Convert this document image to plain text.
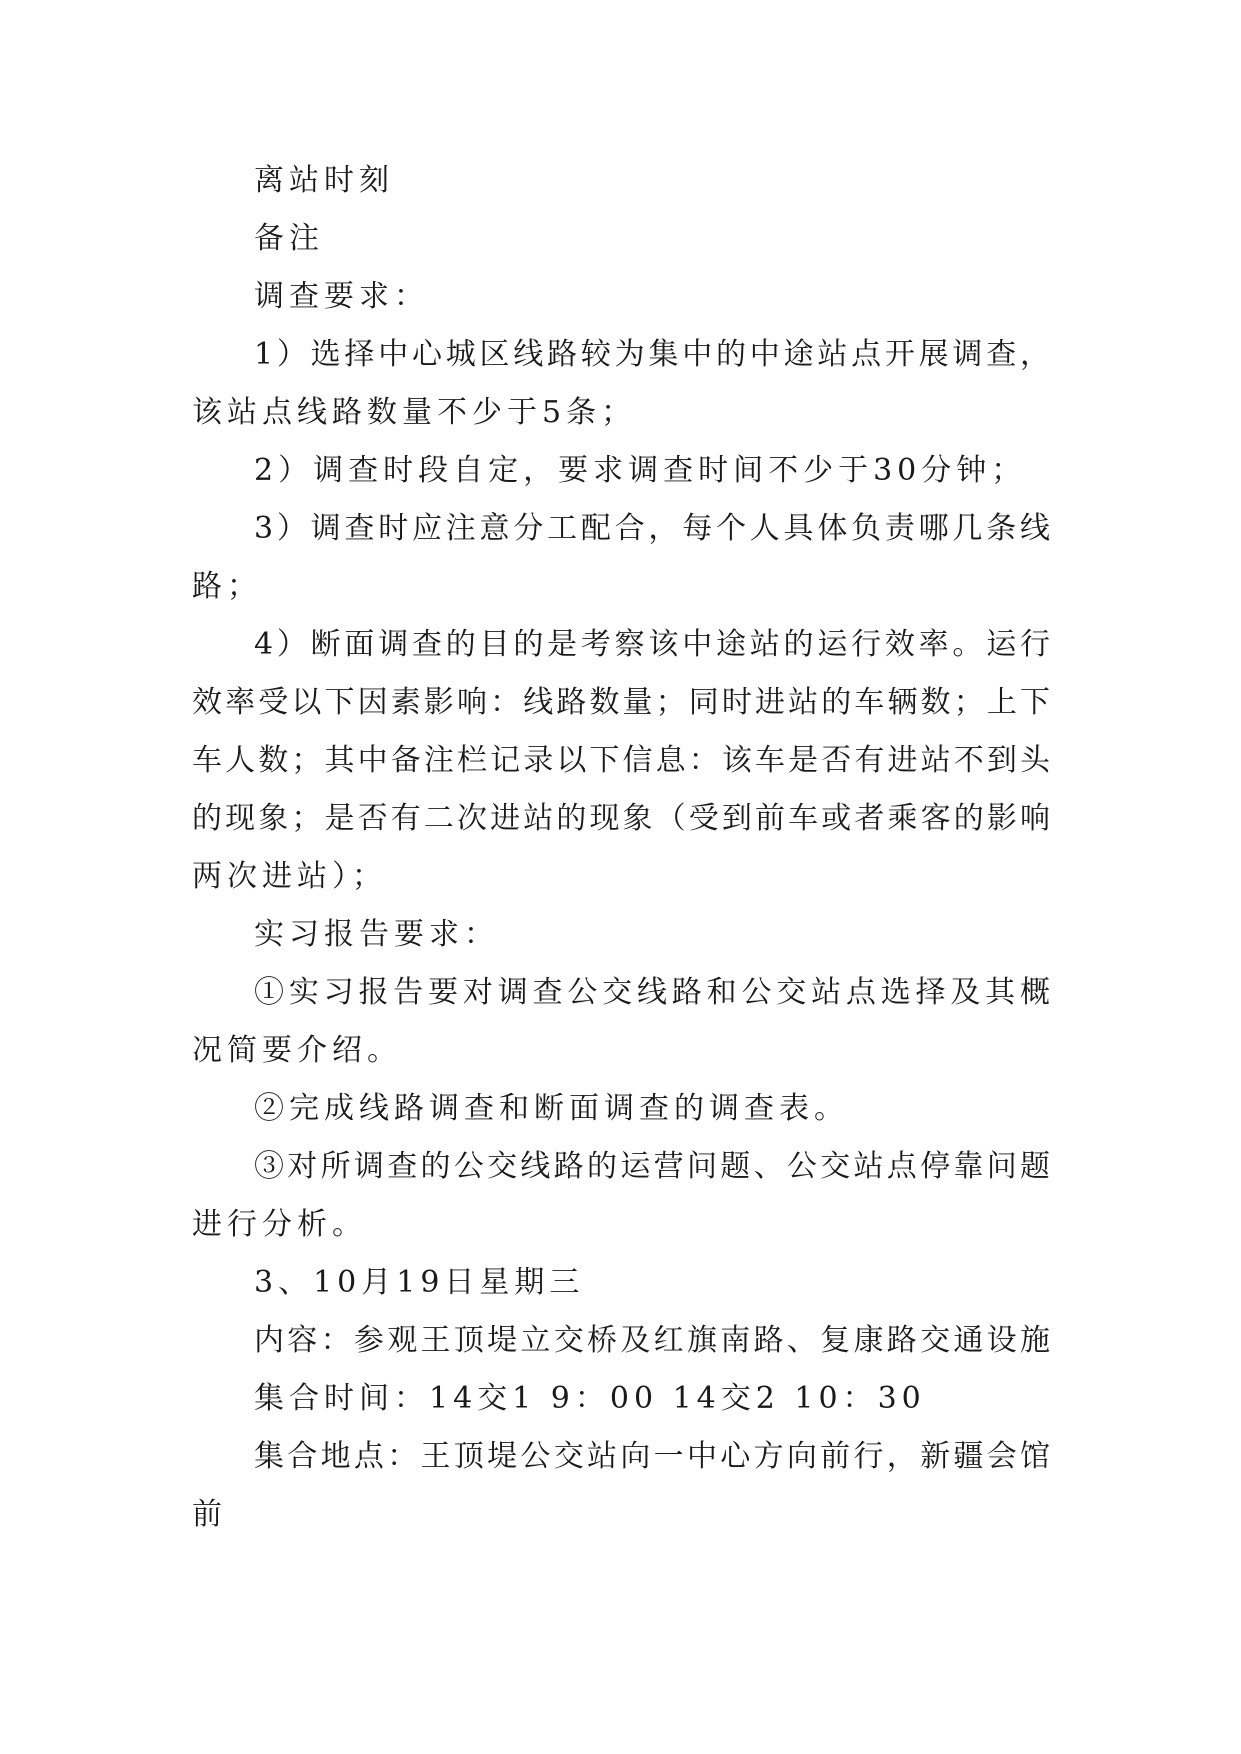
离站时刻
备注
调查要求：
1）选择中心城区线路较为集中的中途站点开展调查，
该站点线路数量不少于5条；
2）调查时段自定，要求调查时间不少于30分钟；
3）调查时应注意分工配合，每个人具体负责哪几条线
路；
4）断面调查的目的是考察该中途站的运行效率。运行
效率受以下因素影响：线路数量；同时进站的车辆数；上下
车人数；其中备注栏记录以下信息：该车是否有进站不到头
的现象；是否有二次进站的现象（受到前车或者乘客的影响
两次进站）；
实习报告要求：
①实习报告要对调查公交线路和公交站点选择及其概
况简要介绍。
②完成线路调查和断面调查的调查表。
③对所调查的公交线路的运营问题、公交站点停靠问题
进行分析。
3、10月19日星期三
内容：参观王顶堤立交桥及红旗南路、复康路交通设施
集合时间：14交1 9：00 14交2 10：30
集合地点：王顶堤公交站向一中心方向前行，新疆会馆
前
